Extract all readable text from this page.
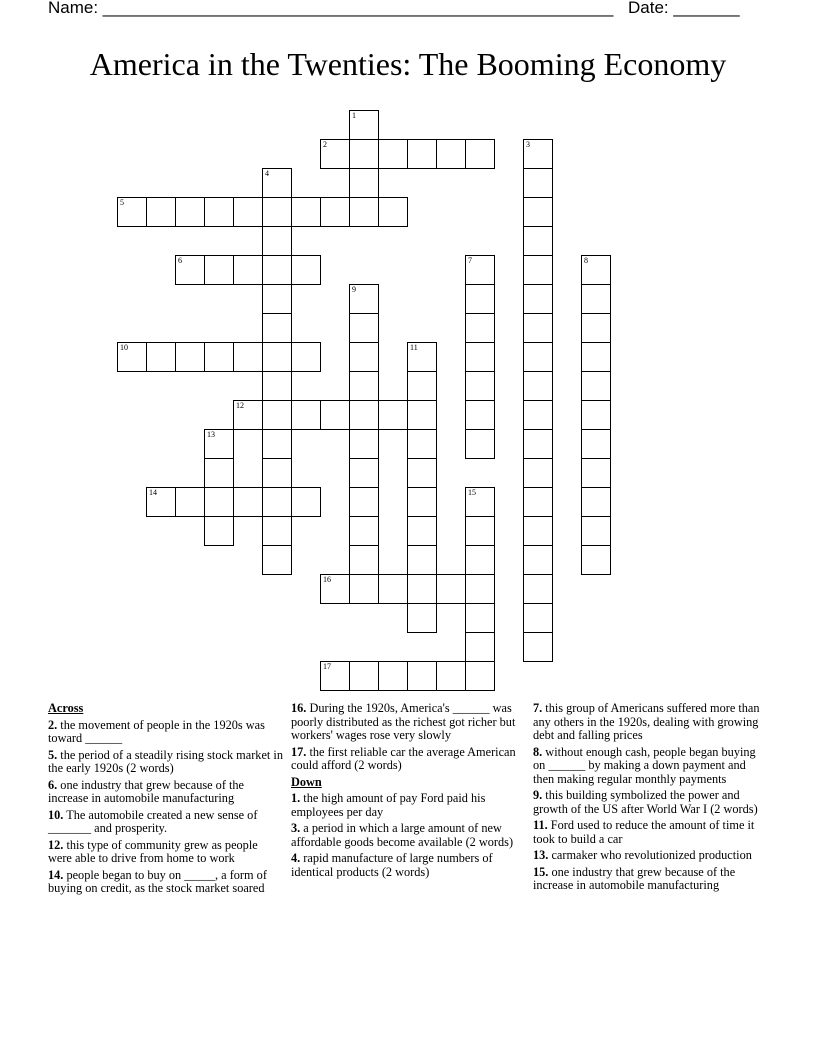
Name: ______________________________________________________ Date: _______
America in the Twenties: The Booming Economy
1
2	3
4
5
6	7	8
9
10	11
12
13
14	15
16
17
Across
2. the movement of people in the 1920s was toward ______
5. the period of a steadily rising stock market in the early 1920s (2 words)
6. one industry that grew because of the increase in automobile manufacturing
10. The automobile created a new sense of _______ and prosperity.
12. this type of community grew as people were able to drive from home to work
14. people began to buy on _____, a form of buying on credit, as the stock market soared
16. During the 1920s, America's ______ was poorly distributed as the richest got richer but workers' wages rose very slowly
17. the first reliable car the average American could afford (2 words)
Down
1. the high amount of pay Ford paid his employees per day
3. a period in which a large amount of new affordable goods become available (2 words)
4. rapid manufacture of large numbers of identical products (2 words)
7. this group of Americans suffered more than any others in the 1920s, dealing with growing debt and falling prices
8. without enough cash, people began buying on ______ by making a down payment and then making regular monthly payments
9. this building symbolized the power and growth of the US after World War I (2 words)
11. Ford used to reduce the amount of time it took to build a car
13. carmaker who revolutionized production
15. one industry that grew because of the increase in automobile manufacturing
